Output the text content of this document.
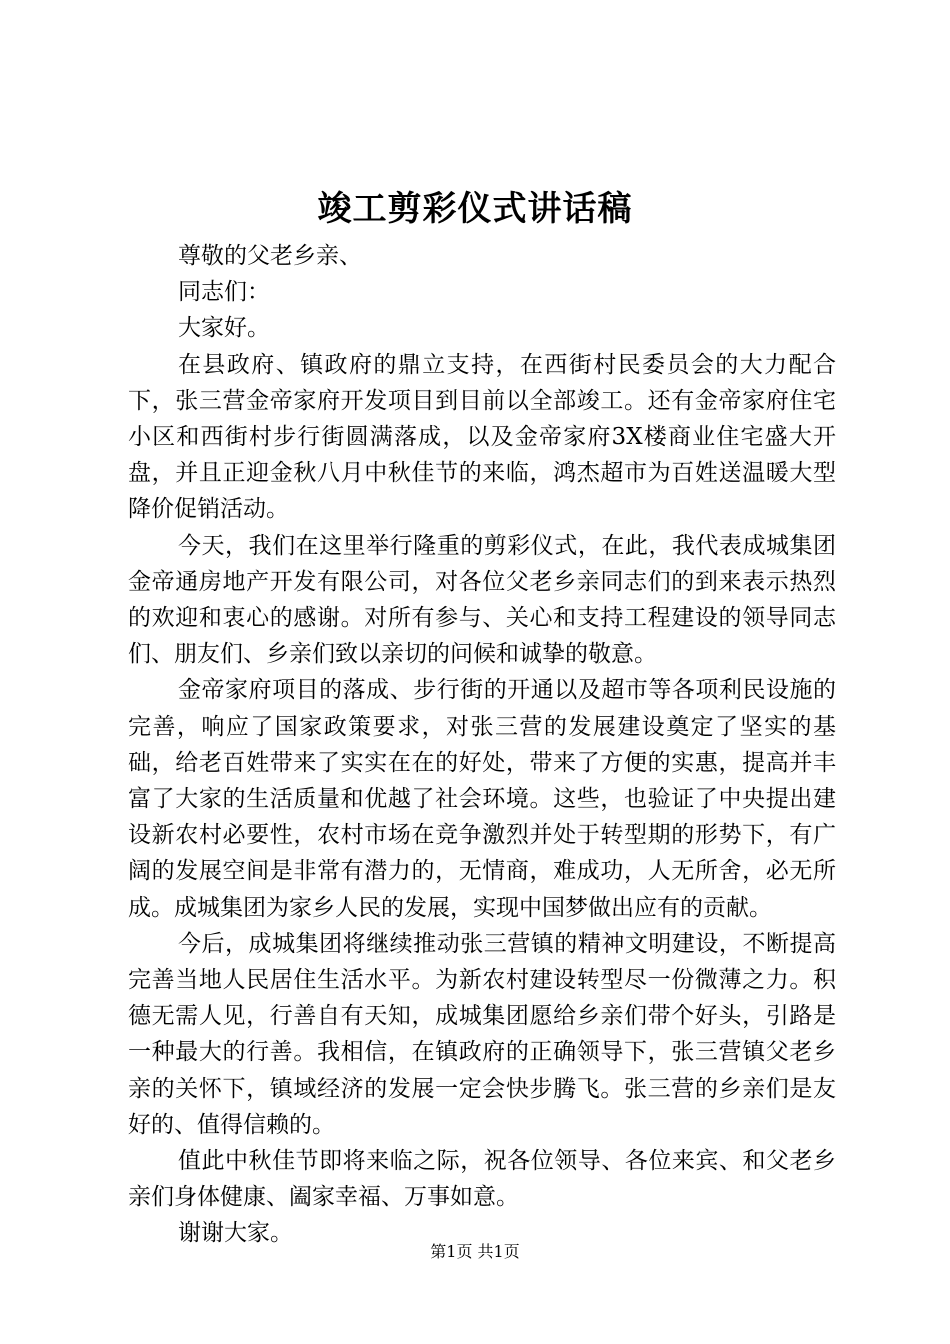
竣工剪彩仪式讲话稿

尊敬的父老乡亲、

同志们：

大家好。

在县政府、镇政府的鼎立支持，在西街村民委员会的大力配合下，张三营金帝家府开发项目到目前以全部竣工。还有金帝家府住宅小区和西街村步行街圆满落成，以及金帝家府3X楼商业住宅盛大开盘，并且正迎金秋八月中秋佳节的来临，鸿杰超市为百姓送温暖大型降价促销活动。

今天，我们在这里举行隆重的剪彩仪式，在此，我代表成城集团金帝通房地产开发有限公司，对各位父老乡亲同志们的到来表示热烈的欢迎和衷心的感谢。对所有参与、关心和支持工程建设的领导同志们、朋友们、乡亲们致以亲切的问候和诚挚的敬意。

金帝家府项目的落成、步行街的开通以及超市等各项利民设施的完善，响应了国家政策要求，对张三营的发展建设奠定了坚实的基础，给老百姓带来了实实在在的好处，带来了方便的实惠，提高并丰富了大家的生活质量和优越了社会环境。这些，也验证了中央提出建设新农村必要性，农村市场在竞争激烈并处于转型期的形势下，有广阔的发展空间是非常有潜力的，无情商，难成功，人无所舍，必无所成。成城集团为家乡人民的发展，实现中国梦做出应有的贡献。

今后，成城集团将继续推动张三营镇的精神文明建设，不断提高完善当地人民居住生活水平。为新农村建设转型尽一份微薄之力。积德无需人见，行善自有天知，成城集团愿给乡亲们带个好头，引路是一种最大的行善。我相信，在镇政府的正确领导下，张三营镇父老乡亲的关怀下，镇域经济的发展一定会快步腾飞。张三营的乡亲们是友好的、值得信赖的。

值此中秋佳节即将来临之际，祝各位领导、各位来宾、和父老乡亲们身体健康、阖家幸福、万事如意。

谢谢大家。

第1页 共1页
